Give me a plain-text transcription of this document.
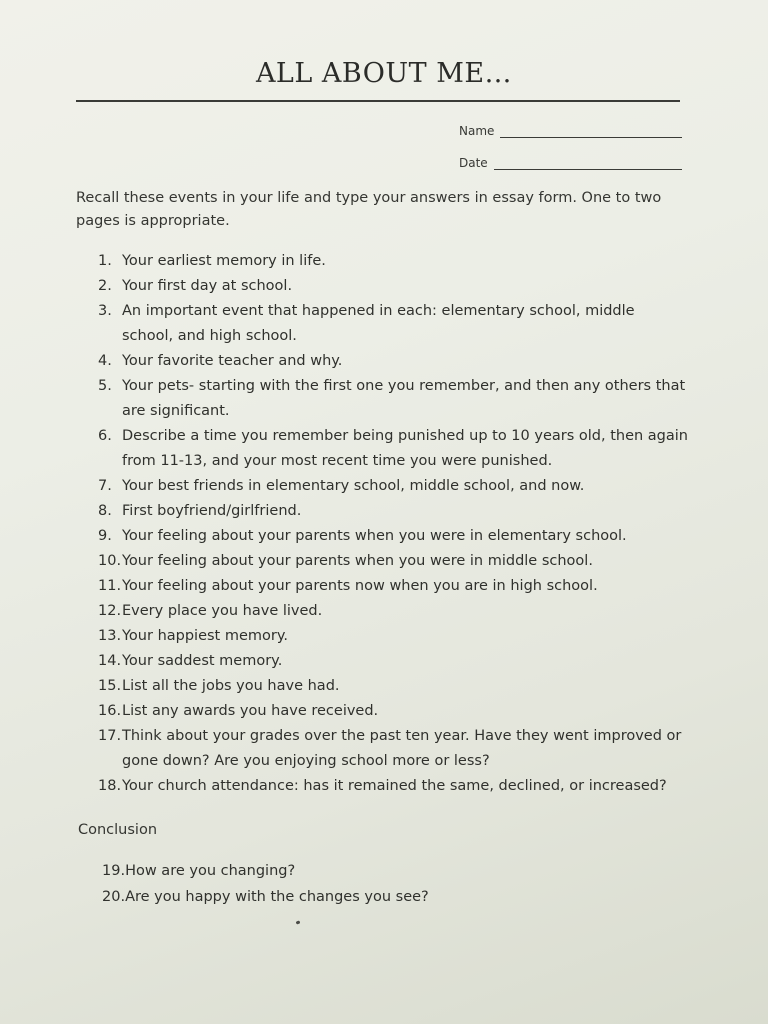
ALL ABOUT ME…
Name
Date
Recall these events in your life and type your answers in essay form. One to two pages is appropriate.
1. Your earliest memory in life.
2. Your first day at school.
3. An important event that happened in each: elementary school, middle school, and high school.
4. Your favorite teacher and why.
5. Your pets- starting with the first one you remember, and then any others that are significant.
6. Describe a time you remember being punished up to 10 years old, then again from 11-13, and your most recent time you were punished.
7. Your best friends in elementary school, middle school, and now.
8. First boyfriend/girlfriend.
9. Your feeling about your parents when you were in elementary school.
10. Your feeling about your parents when you were in middle school.
11. Your feeling about your parents now when you are in high school.
12. Every place you have lived.
13. Your happiest memory.
14. Your saddest memory.
15. List all the jobs you have had.
16. List any awards you have received.
17. Think about your grades over the past ten year. Have they went improved or gone down? Are you enjoying school more or less?
18. Your church attendance: has it remained the same, declined, or increased?
Conclusion
19. How are you changing?
20. Are you happy with the changes you see?
